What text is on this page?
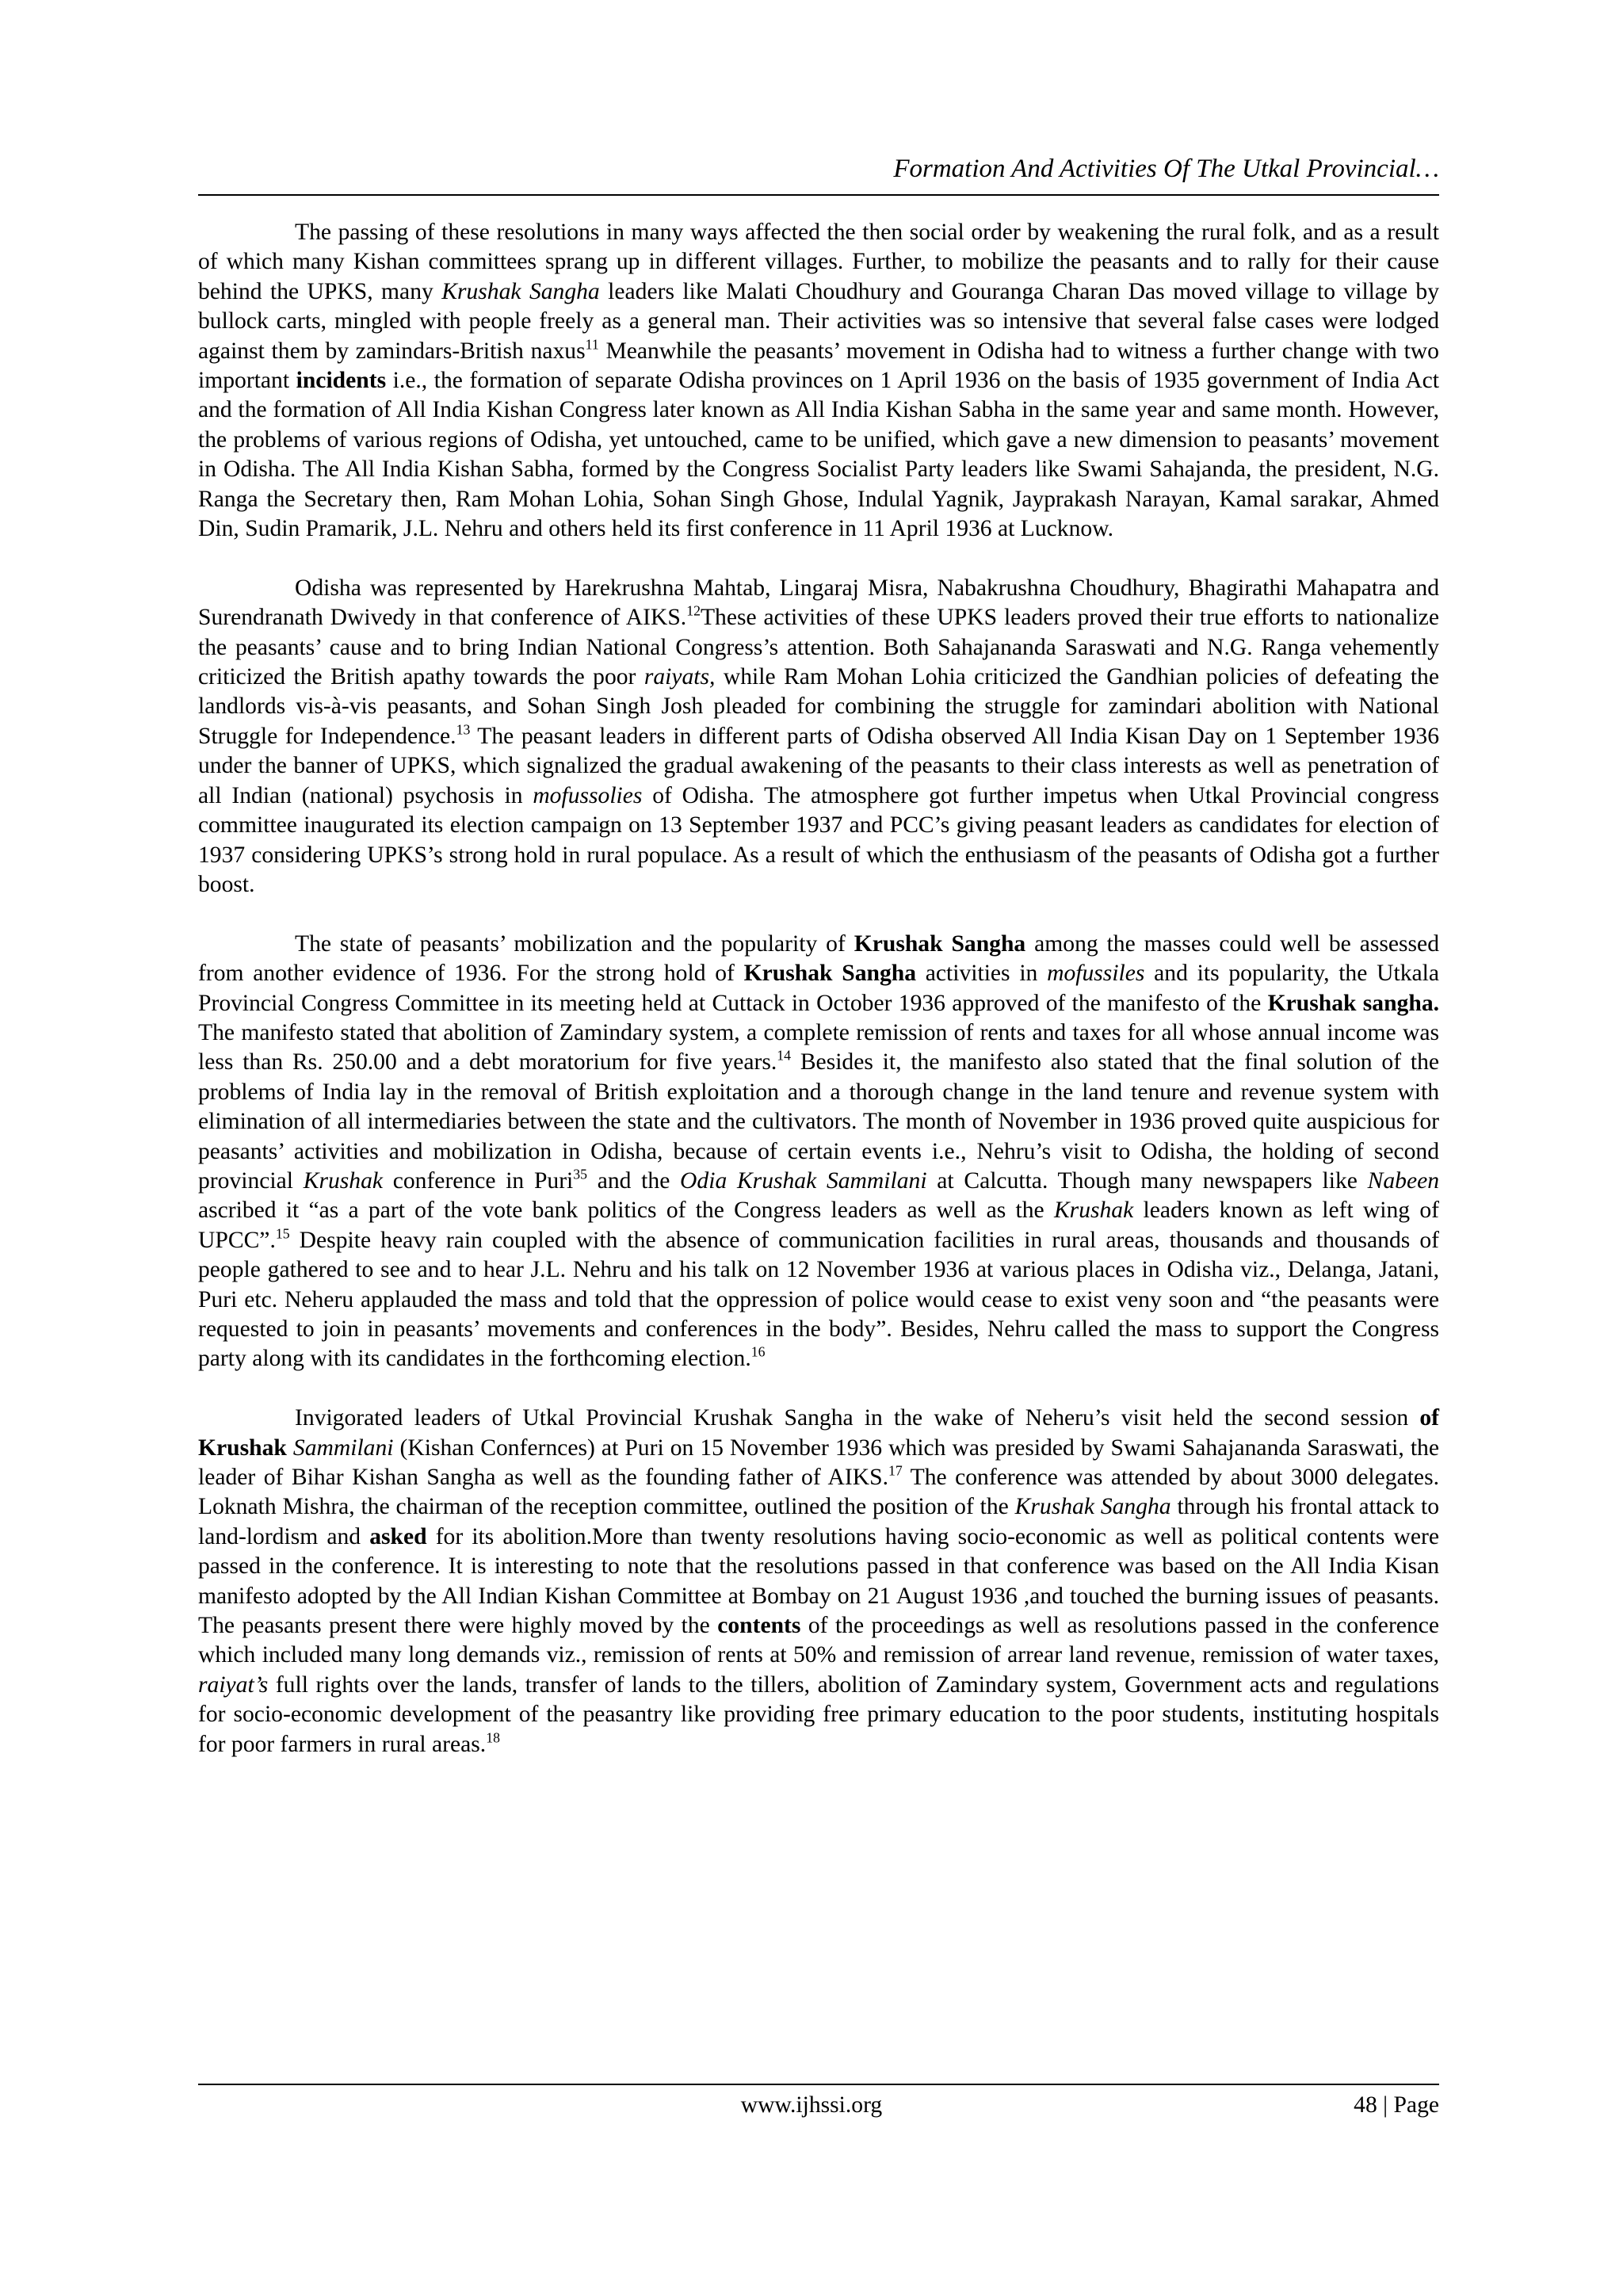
Formation And Activities Of The Utkal Provincial…

The passing of these resolutions in many ways affected the then social order by weakening the rural folk, and as a result of which many Kishan committees sprang up in different villages. Further, to mobilize the peasants and to rally for their cause behind the UPKS, many Krushak Sangha leaders like Malati Choudhury and Gouranga Charan Das moved village to village by bullock carts, mingled with people freely as a general man. Their activities was so intensive that several false cases were lodged against them by zamindars-British naxus$^{11}$ Meanwhile the peasants’ movement in Odisha had to witness a further change with two important incidents i.e., the formation of separate Odisha provinces on 1 April 1936 on the basis of 1935 government of India Act and the formation of All India Kishan Congress later known as All India Kishan Sabha in the same year and same month. However, the problems of various regions of Odisha, yet untouched, came to be unified, which gave a new dimension to peasants’ movement in Odisha. The All India Kishan Sabha, formed by the Congress Socialist Party leaders like Swami Sahajanda, the president, N.G. Ranga the Secretary then, Ram Mohan Lohia, Sohan Singh Ghose, Indulal Yagnik, Jayprakash Narayan, Kamal sarakar, Ahmed Din, Sudin Pramarik, J.L. Nehru and others held its first conference in 11 April 1936 at Lucknow.

Odisha was represented by Harekrushna Mahtab, Lingaraj Misra, Nabakrushna Choudhury, Bhagirathi Mahapatra and Surendranath Dwivedy in that conference of AIKS.$^{12}$These activities of these UPKS leaders proved their true efforts to nationalize the peasants’ cause and to bring Indian National Congress’s attention. Both Sahajananda Saraswati and N.G. Ranga vehemently criticized the British apathy towards the poor raiyats, while Ram Mohan Lohia criticized the Gandhian policies of defeating the landlords vis-à-vis peasants, and Sohan Singh Josh pleaded for combining the struggle for zamindari abolition with National Struggle for Independence.$^{13}$ The peasant leaders in different parts of Odisha observed All India Kisan Day on 1 September 1936 under the banner of UPKS, which signalized the gradual awakening of the peasants to their class interests as well as penetration of all Indian (national) psychosis in mofussolies of Odisha. The atmosphere got further impetus when Utkal Provincial congress committee inaugurated its election campaign on 13 September 1937 and PCC’s giving peasant leaders as candidates for election of 1937 considering UPKS’s strong hold in rural populace. As a result of which the enthusiasm of the peasants of Odisha got a further boost.

The state of peasants’ mobilization and the popularity of Krushak Sangha among the masses could well be assessed from another evidence of 1936. For the strong hold of Krushak Sangha activities in mofussiles and its popularity, the Utkala Provincial Congress Committee in its meeting held at Cuttack in October 1936 approved of the manifesto of the Krushak sangha. The manifesto stated that abolition of Zamindary system, a complete remission of rents and taxes for all whose annual income was less than Rs. 250.00 and a debt moratorium for five years.$^{14}$ Besides it, the manifesto also stated that the final solution of the problems of India lay in the removal of British exploitation and a thorough change in the land tenure and revenue system with elimination of all intermediaries between the state and the cultivators. The month of November in 1936 proved quite auspicious for peasants’ activities and mobilization in Odisha, because of certain events i.e., Nehru’s visit to Odisha, the holding of second provincial Krushak conference in Puri$^{35}$ and the Odia Krushak Sammilani at Calcutta. Though many newspapers like Nabeen ascribed it “as a part of the vote bank politics of the Congress leaders as well as the Krushak leaders known as left wing of UPCC”.$^{15}$ Despite heavy rain coupled with the absence of communication facilities in rural areas, thousands and thousands of people gathered to see and to hear J.L. Nehru and his talk on 12 November 1936 at various places in Odisha viz., Delanga, Jatani, Puri etc. Neheru applauded the mass and told that the oppression of police would cease to exist veny soon and “the peasants were requested to join in peasants’ movements and conferences in the body”. Besides, Nehru called the mass to support the Congress party along with its candidates in the forthcoming election.$^{16}$

Invigorated leaders of Utkal Provincial Krushak Sangha in the wake of Neheru’s visit held the second session of Krushak Sammilani (Kishan Confernces) at Puri on 15 November 1936 which was presided by Swami Sahajananda Saraswati, the leader of Bihar Kishan Sangha as well as the founding father of AIKS.$^{17}$ The conference was attended by about 3000 delegates. Loknath Mishra, the chairman of the reception committee, outlined the position of the Krushak Sangha through his frontal attack to land-lordism and asked for its abolition.More than twenty resolutions having socio-economic as well as political contents were passed in the conference. It is interesting to note that the resolutions passed in that conference was based on the All India Kisan manifesto adopted by the All Indian Kishan Committee at Bombay on 21 August 1936 ,and touched the burning issues of peasants. The peasants present there were highly moved by the contents of the proceedings as well as resolutions passed in the conference which included many long demands viz., remission of rents at 50% and remission of arrear land revenue, remission of water taxes, raiyat’s full rights over the lands, transfer of lands to the tillers, abolition of Zamindary system, Government acts and regulations for socio-economic development of the peasantry like providing free primary education to the poor students, instituting hospitals for poor farmers in rural areas.$^{18}$

www.ijhssi.org	48 | Page
